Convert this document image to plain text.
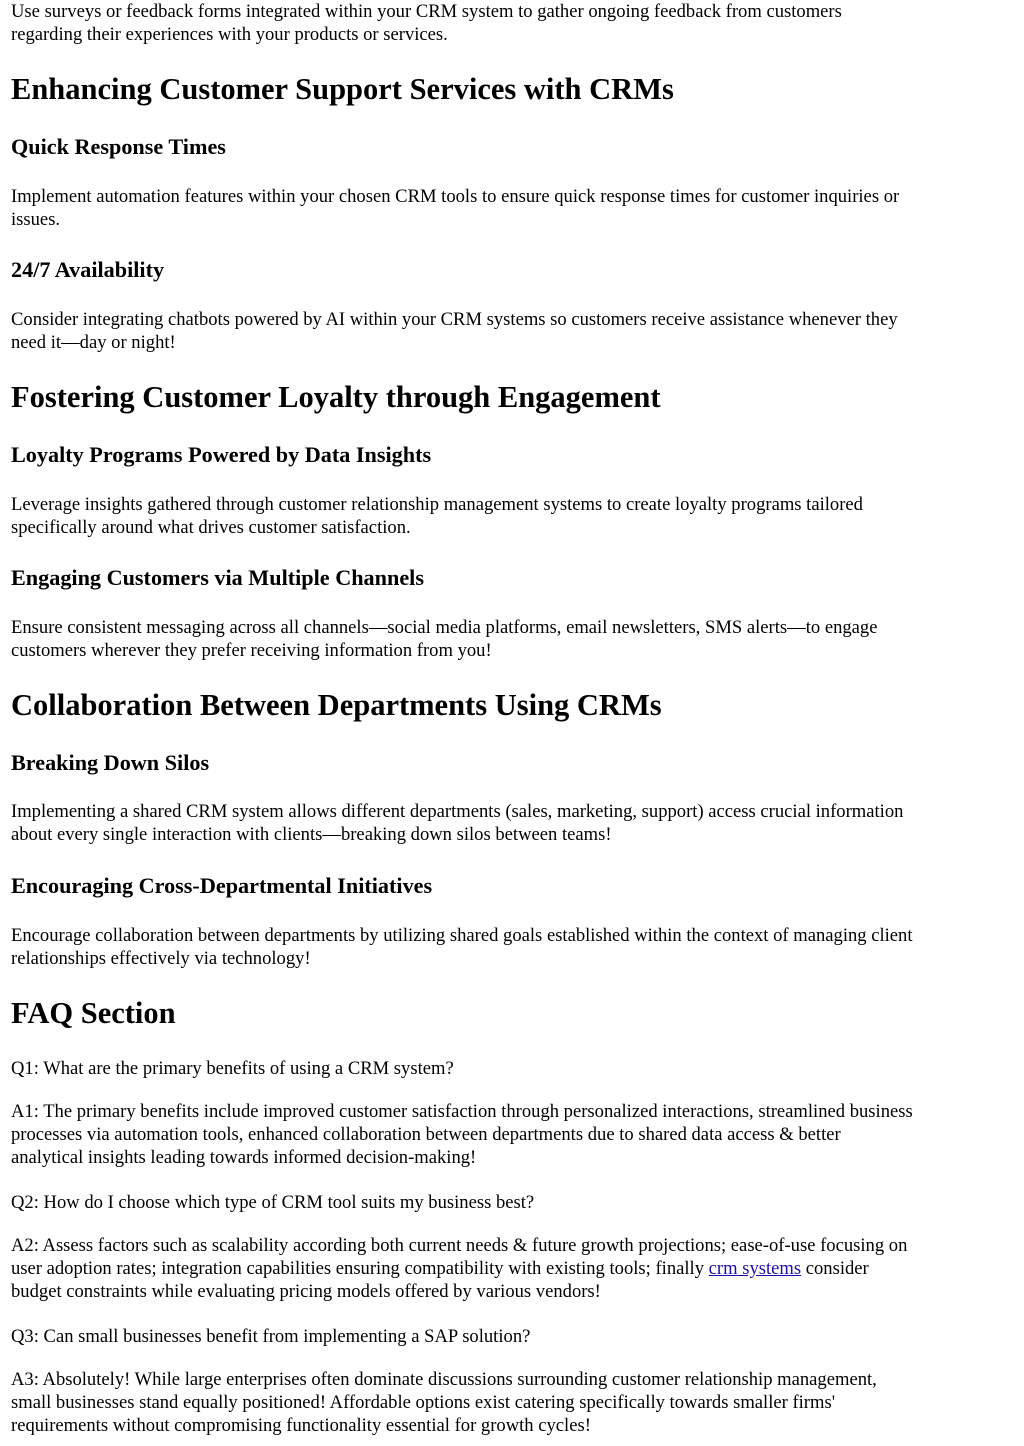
Use surveys or feedback forms integrated within your CRM system to gather ongoing feedback from customers
regarding their experiences with your products or services.

Enhancing Customer Support Services with CRMs
Quick Response Times

Implement automation features within your chosen CRM tools to ensure quick response times for customer inquiries or
issues.

24/7 Availability

Consider integrating chatbots powered by AI within your CRM systems so customers receive assistance whenever they
need it—day or night!

Fostering Customer Loyalty through Engagement
Loyalty Programs Powered by Data Insights

Leverage insights gathered through customer relationship management systems to create loyalty programs tailored
specifically around what drives customer satisfaction.

Engaging Customers via Multiple Channels

Ensure consistent messaging across all channels—social media platforms, email newsletters, SMS alerts—to engage
customers wherever they prefer receiving information from you!

Collaboration Between Departments Using CRMs
Breaking Down Silos

Implementing a shared CRM system allows different departments (sales, marketing, support) access crucial information
about every single interaction with clients—breaking down silos between teams!

Encouraging Cross-Departmental Initiatives

Encourage collaboration between departments by utilizing shared goals established within the context of managing client
relationships effectively via technology!

FAQ Section

Q1: What are the primary benefits of using a CRM system?

A1: The primary benefits include improved customer satisfaction through personalized interactions, streamlined business
processes via automation tools, enhanced collaboration between departments due to shared data access & better
analytical insights leading towards informed decision-making!

Q2: How do I choose which type of CRM tool suits my business best?

A2: Assess factors such as scalability according both current needs & future growth projections; ease-of-use focusing on
user adoption rates; integration capabilities ensuring compatibility with existing tools; finally crm systems consider
budget constraints while evaluating pricing models offered by various vendors!

Q3: Can small businesses benefit from implementing a SAP solution?

A3: Absolutely! While large enterprises often dominate discussions surrounding customer relationship management,
small businesses stand equally positioned! Affordable options exist catering specifically towards smaller firms'
requirements without compromising functionality essential for growth cycles!
